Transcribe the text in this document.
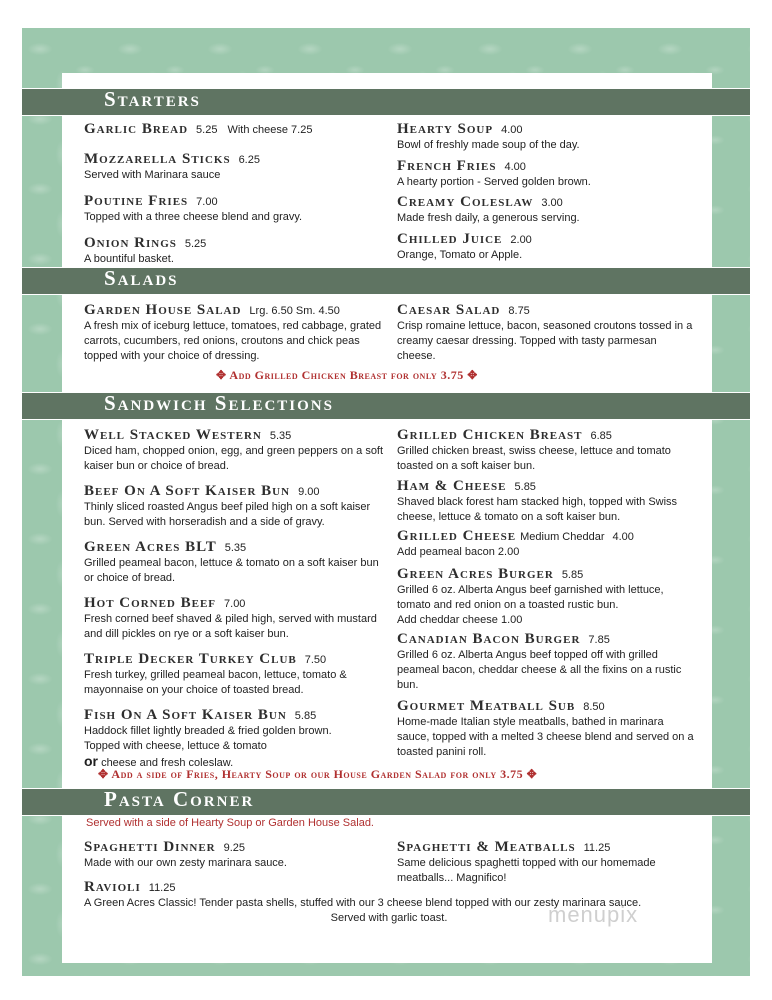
Starters
Garlic Bread 5.25 With cheese 7.25
Mozzarella Sticks 6.25
Served with Marinara sauce
Poutine Fries 7.00
Topped with a three cheese blend and gravy.
Onion Rings 5.25
A bountiful basket.
Hearty Soup 4.00
Bowl of freshly made soup of the day.
French Fries 4.00
A hearty portion - Served golden brown.
Creamy Coleslaw 3.00
Made fresh daily, a generous serving.
Chilled Juice 2.00
Orange, Tomato or Apple.
Salads
Garden House Salad Lrg. 6.50 Sm. 4.50
A fresh mix of iceburg lettuce, tomatoes, red cabbage, grated carrots, cucumbers, red onions, croutons and chick peas topped with your choice of dressing.
Caesar Salad 8.75
Crisp romaine lettuce, bacon, seasoned croutons tossed in a creamy caesar dressing. Topped with tasty parmesan cheese.
✥ Add Grilled Chicken Breast for only 3.75 ✥
Sandwich Selections
Well Stacked Western 5.35
Diced ham, chopped onion, egg, and green peppers on a soft kaiser bun or choice of bread.
Beef On A Soft Kaiser Bun 9.00
Thinly sliced roasted Angus beef piled high on a soft kaiser bun. Served with horseradish and a side of gravy.
Green Acres BLT 5.35
Grilled peameal bacon, lettuce & tomato on a soft kaiser bun or choice of bread.
Hot Corned Beef 7.00
Fresh corned beef shaved & piled high, served with mustard and dill pickles on rye or a soft kaiser bun.
Triple Decker Turkey Club 7.50
Fresh turkey, grilled peameal bacon, lettuce, tomato & mayonnaise on your choice of toasted bread.
Fish On A Soft Kaiser Bun 5.85
Haddock fillet lightly breaded & fried golden brown. Topped with cheese, lettuce & tomato
or cheese and fresh coleslaw.
Grilled Chicken Breast 6.85
Grilled chicken breast, swiss cheese, lettuce and tomato toasted on a soft kaiser bun.
Ham & Cheese 5.85
Shaved black forest ham stacked high, topped with Swiss cheese, lettuce & tomato on a soft kaiser bun.
Grilled Cheese Medium Cheddar 4.00
Add peameal bacon 2.00
Green Acres Burger 5.85
Grilled 6 oz. Alberta Angus beef garnished with lettuce, tomato and red onion on a toasted rustic bun.
Add cheddar cheese 1.00
Canadian Bacon Burger 7.85
Grilled 6 oz. Alberta Angus beef topped off with grilled peameal bacon, cheddar cheese & all the fixins on a rustic bun.
Gourmet Meatball Sub 8.50
Home-made Italian style meatballs, bathed in marinara sauce, topped with a melted 3 cheese blend and served on a toasted panini roll.
✥ Add a side of Fries, Hearty Soup or our House Garden Salad for only 3.75 ✥
Pasta Corner
Served with a side of Hearty Soup or Garden House Salad.
Spaghetti Dinner 9.25
Made with our own zesty marinara sauce.
Spaghetti & Meatballs 11.25
Same delicious spaghetti topped with our homemade meatballs... Magnifico!
Ravioli 11.25
A Green Acres Classic! Tender pasta shells, stuffed with our 3 cheese blend topped with our zesty marinara sauce.
Served with garlic toast.	menupix
